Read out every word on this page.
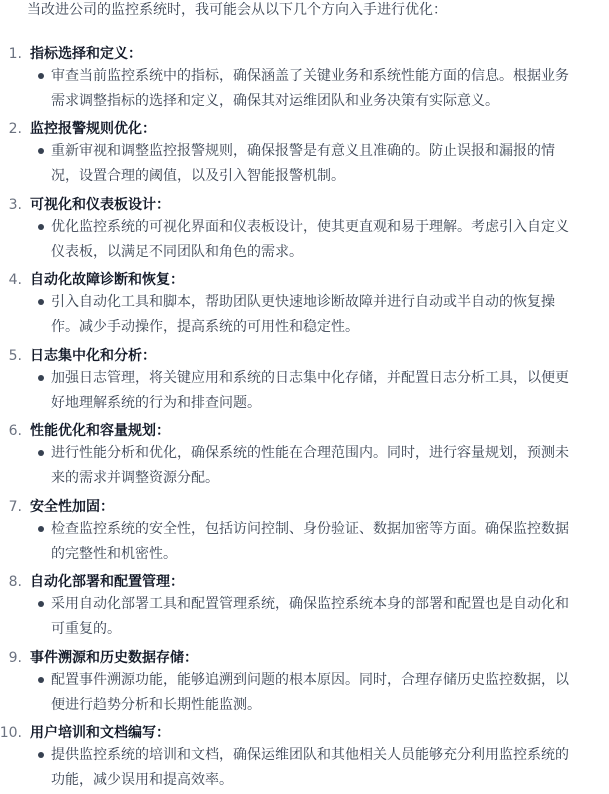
当改进公司的监控系统时，我可能会从以下几个方向入手进行优化：
1. 指标选择和定义：
审查当前监控系统中的指标，确保涵盖了关键业务和系统性能方面的信息。根据业务需求调整指标的选择和定义，确保其对运维团队和业务决策有实际意义。
2. 监控报警规则优化：
重新审视和调整监控报警规则，确保报警是有意义且准确的。防止误报和漏报的情况，设置合理的阈值，以及引入智能报警机制。
3. 可视化和仪表板设计：
优化监控系统的可视化界面和仪表板设计，使其更直观和易于理解。考虑引入自定义仪表板，以满足不同团队和角色的需求。
4. 自动化故障诊断和恢复：
引入自动化工具和脚本，帮助团队更快速地诊断故障并进行自动或半自动的恢复操作。减少手动操作，提高系统的可用性和稳定性。
5. 日志集中化和分析：
加强日志管理，将关键应用和系统的日志集中化存储，并配置日志分析工具，以便更好地理解系统的行为和排查问题。
6. 性能优化和容量规划：
进行性能分析和优化，确保系统的性能在合理范围内。同时，进行容量规划，预测未来的需求并调整资源分配。
7. 安全性加固：
检查监控系统的安全性，包括访问控制、身份验证、数据加密等方面。确保监控数据的完整性和机密性。
8. 自动化部署和配置管理：
采用自动化部署工具和配置管理系统，确保监控系统本身的部署和配置也是自动化和可重复的。
9. 事件溯源和历史数据存储：
配置事件溯源功能，能够追溯到问题的根本原因。同时，合理存储历史监控数据，以便进行趋势分析和长期性能监测。
10. 用户培训和文档编写：
提供监控系统的培训和文档，确保运维团队和其他相关人员能够充分利用监控系统的功能，减少误用和提高效率。
